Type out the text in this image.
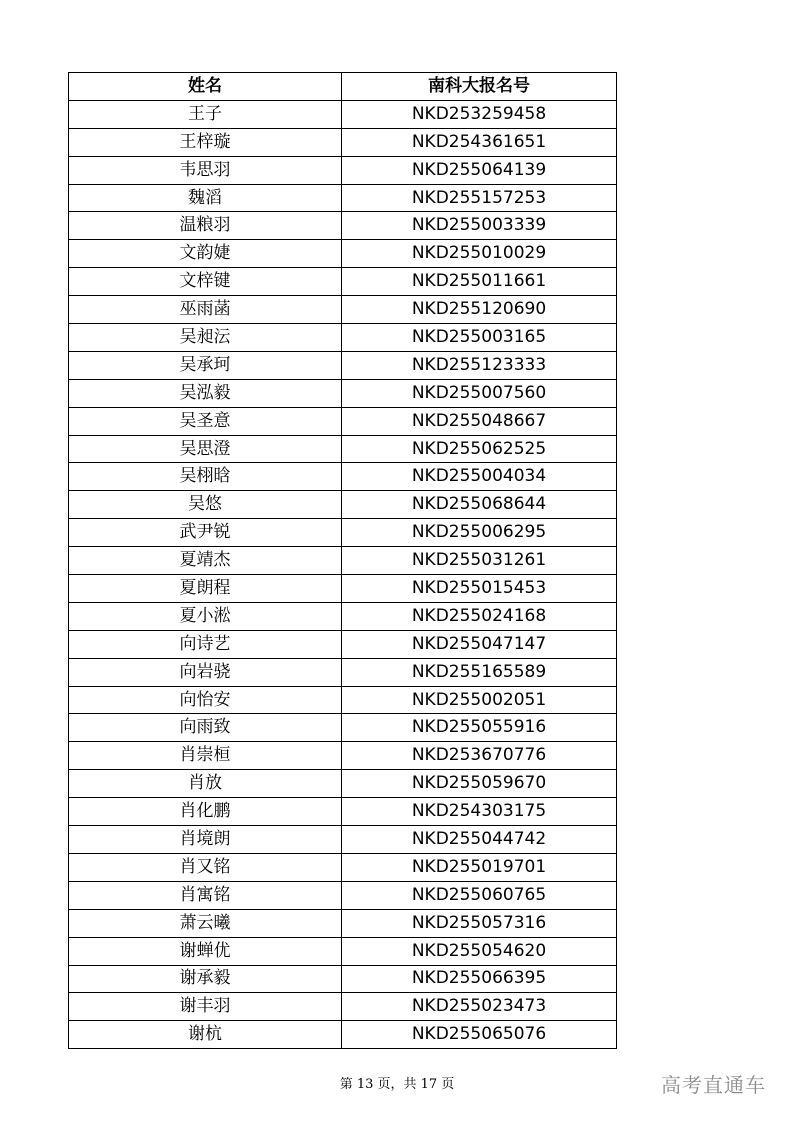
姓名	南科大报名号
王子	NKD253259458
王梓璇	NKD254361651
韦思羽	NKD255064139
魏滔	NKD255157253
温粮羽	NKD255003339
文韵婕	NKD255010029
文梓键	NKD255011661
巫雨菡	NKD255120690
吴昶沄	NKD255003165
吴承珂	NKD255123333
吴泓毅	NKD255007560
吴圣意	NKD255048667
吴思澄	NKD255062525
吴栩晗	NKD255004034
吴悠	NKD255068644
武尹锐	NKD255006295
夏靖杰	NKD255031261
夏朗程	NKD255015453
夏小淞	NKD255024168
向诗艺	NKD255047147
向岩骁	NKD255165589
向怡安	NKD255002051
向雨致	NKD255055916
肖崇桓	NKD253670776
肖放	NKD255059670
肖化鹏	NKD254303175
肖境朗	NKD255044742
肖又铭	NKD255019701
肖寓铭	NKD255060765
萧云曦	NKD255057316
谢蝉优	NKD255054620
谢承毅	NKD255066395
谢丰羽	NKD255023473
谢杭	NKD255065076
第 13 页，共 17 页	高考直通车
